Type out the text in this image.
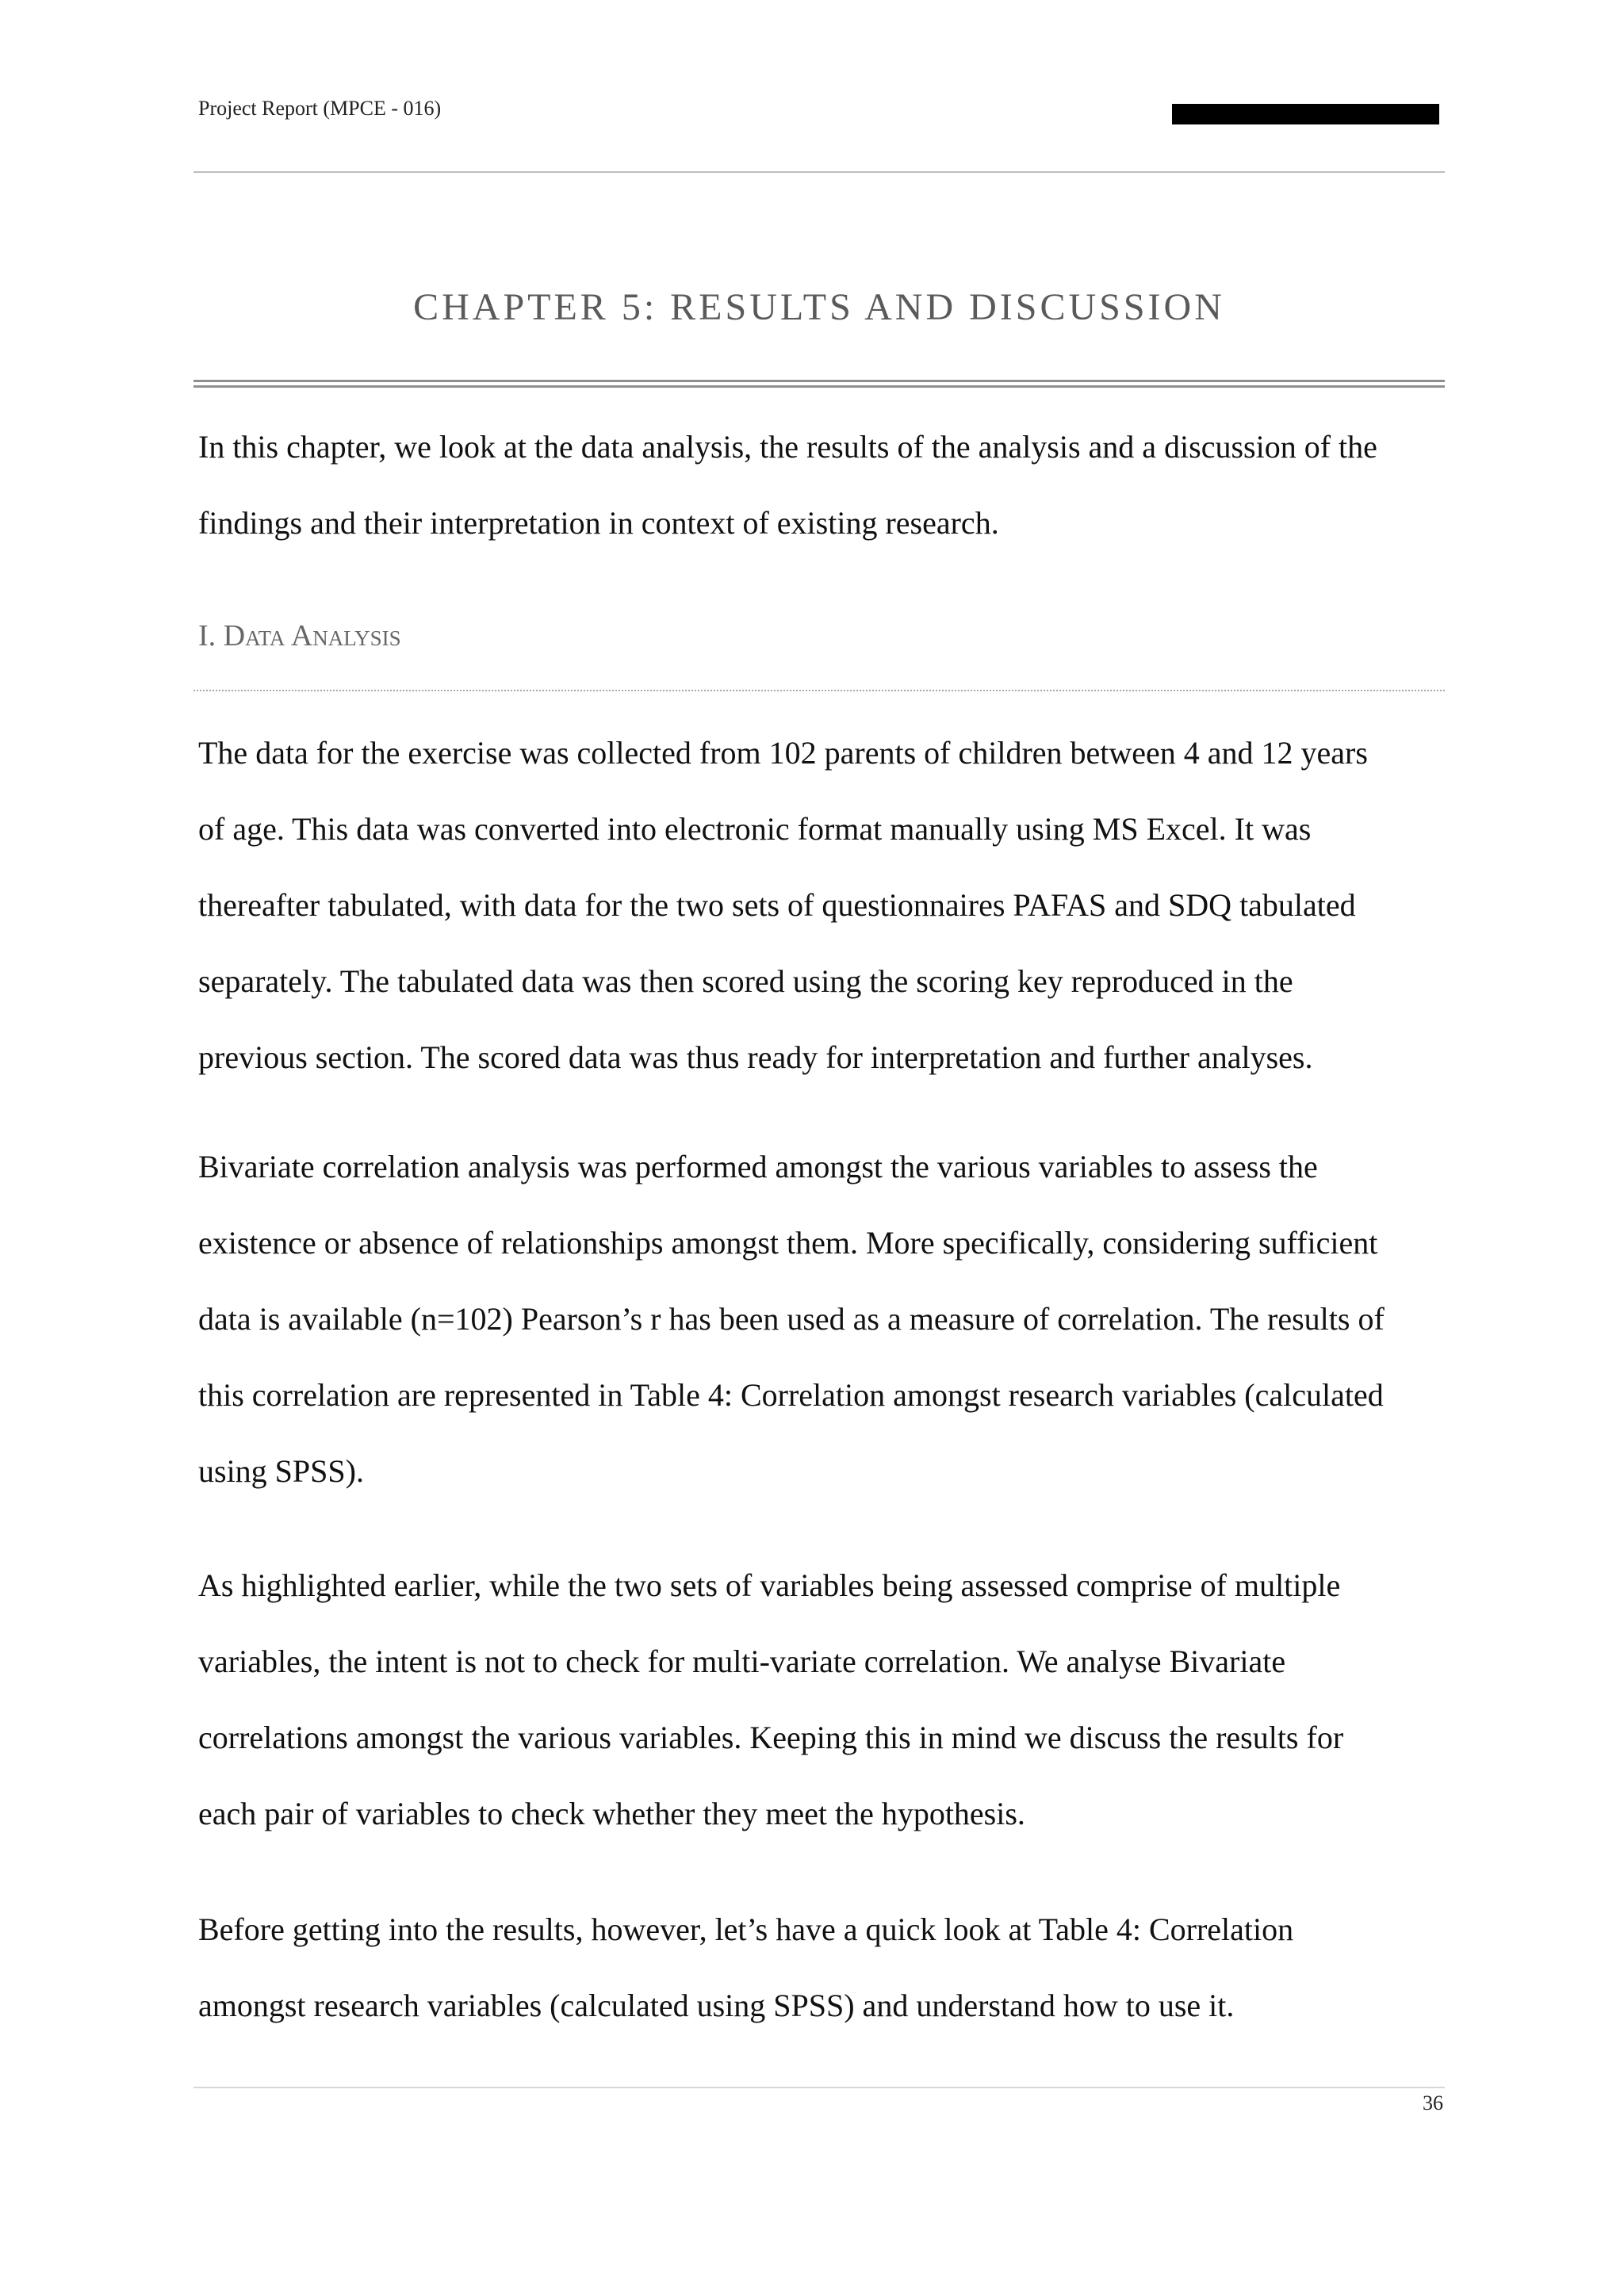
Project Report (MPCE - 016)
CHAPTER 5: RESULTS AND DISCUSSION

In this chapter, we look at the data analysis, the results of the analysis and a discussion of the
findings and their interpretation in context of existing research.

I. Data Analysis

The data for the exercise was collected from 102 parents of children between 4 and 12 years
of age. This data was converted into electronic format manually using MS Excel. It was
thereafter tabulated, with data for the two sets of questionnaires PAFAS and SDQ tabulated
separately. The tabulated data was then scored using the scoring key reproduced in the
previous section. The scored data was thus ready for interpretation and further analyses.

Bivariate correlation analysis was performed amongst the various variables to assess the
existence or absence of relationships amongst them. More specifically, considering sufficient
data is available (n=102) Pearson’s r has been used as a measure of correlation. The results of
this correlation are represented in Table 4: Correlation amongst research variables (calculated
using SPSS).

As highlighted earlier, while the two sets of variables being assessed comprise of multiple
variables, the intent is not to check for multi-variate correlation. We analyse Bivariate
correlations amongst the various variables. Keeping this in mind we discuss the results for
each pair of variables to check whether they meet the hypothesis.

Before getting into the results, however, let’s have a quick look at Table 4: Correlation
amongst research variables (calculated using SPSS) and understand how to use it.

36
